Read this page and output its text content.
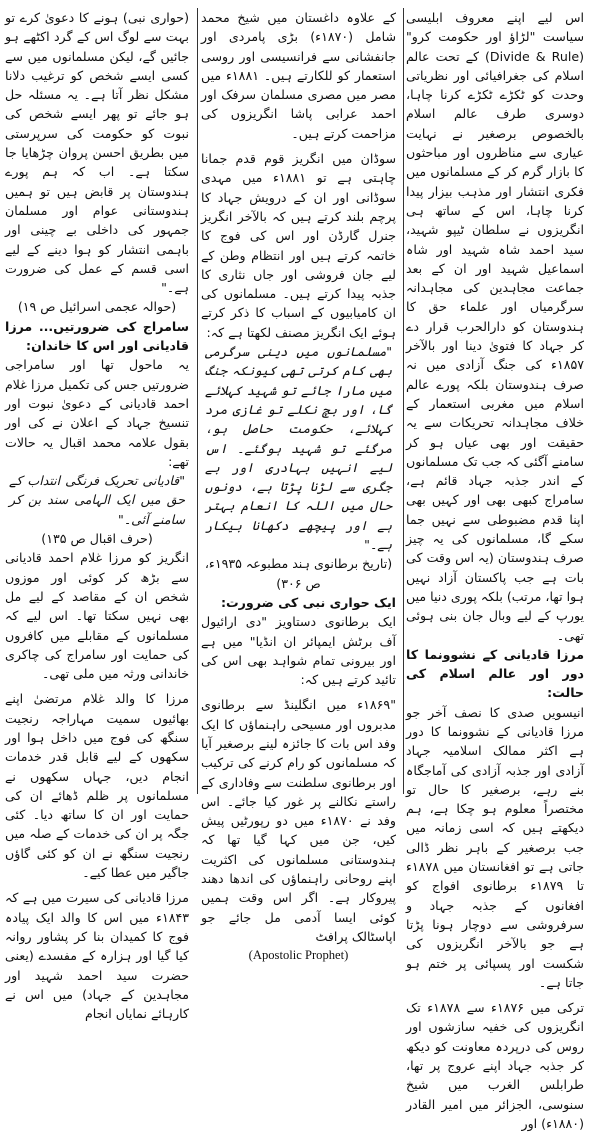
اس لیے اپنے معروف ابلیسی سیاست "لڑاؤ اور حکومت کرو" (Divide & Rule) کے تحت عالم اسلام کی جغرافیائی اور نظریاتی وحدت کو ٹکڑے ٹکڑے کرنا چاہا، دوسری طرف عالم اسلام بالخصوص برصغیر نے نہایت عیاری سے مناظروں اور مباحثوں کا بازار گرم کر کے مسلمانوں میں فکری انتشار اور مذہب بیزار پیدا کرنا چاہا، اس کے ساتھ ہی انگریزوں نے سلطان ٹیپو شہید، سید احمد شاہ شہید اور شاہ اسماعیل شہید اور ان کے بعد جماعت مجاہدین کی مجاہدانہ سرگرمیاں اور علماء حق کا ہندوستان کو دارالحرب قرار دے کر جہاد کا فتویٰ دینا اور بالآخر ۱۸۵۷ء کی جنگ آزادی میں نہ صرف ہندوستان بلکہ پورے عالم اسلام میں مغربی استعمار کے خلاف مجاہدانہ تحریکات سے یہ حقیقت اور بھی عیاں ہو کر سامنے آگئی کہ جب تک مسلمانوں کے اندر جذبہ جہاد قائم ہے، سامراج کبھی بھی اور کہیں بھی اپنا قدم مضبوطی سے نہیں جما سکے گا، مسلمانوں کی یہ چیز صرف ہندوستان (یہ اس وقت کی بات ہے جب پاکستان آزاد نہیں ہوا تھا، مرتب) بلکہ پوری دنیا میں یورپ کے لیے وبال جان بنی ہوئی تھی۔

مرزا قادیانی کے نشوونما کا دور اور عالم اسلام کی حالت:

انیسویں صدی کا نصف آخر جو مرزا قادیانی کے نشوونما کا دور ہے اکثر ممالک اسلامیہ جہاد آزادی اور جذبہ آزادی کی آماجگاہ بنے رہے، برصغیر کا حال تو مختصراً معلوم ہو چکا ہے، ہم دیکھتے ہیں کہ اسی زمانہ میں جب برصغیر کے باہر نظر ڈالی جاتی ہے تو افغانستان میں ۱۸۷۸ء تا ۱۸۷۹ء برطانوی افواج کو افغانوں کے جذبہ جہاد و سرفروشی سے دوچار ہونا پڑتا ہے جو بالآخر انگریزوں کی شکست اور پسپائی پر ختم ہو جاتا ہے۔

ترکی میں ۱۸۷۶ء سے ۱۸۷۸ء تک انگریزوں کی خفیہ سازشوں اور روس کی درپردہ معاونت کو دیکھ کر جذبہ جہاد اپنے عروج پر تھا، طرابلس الغرب میں شیخ سنوسی، الجزائر میں امیر القادر (۱۸۸۰ء) اور

کے علاوہ داغستان میں شیخ محمد شامل (۱۸۷۰ء) بڑی پامردی اور جانفشانی سے فرانسیسی اور روسی استعمار کو للکارتے ہیں۔ ۱۸۸۱ء میں مصر میں مصری مسلمان سرفک اور احمد عرابی پاشا انگریزوں کی مزاحمت کرتے ہیں۔

سوڈان میں انگریز قوم قدم جمانا چاہتی ہے تو ۱۸۸۱ء میں مہدی سوڈانی اور ان کے درویش جہاد کا پرچم بلند کرتے ہیں کہ بالآخر انگریز جنرل گارڈن اور اس کی فوج کا خاتمہ کرتے ہیں اور انتظام وطن کے لیے جان فروشی اور جاں نثاری کا جذبہ پیدا کرتے ہیں۔ مسلمانوں کی ان کامیابیوں کے اسباب کا ذکر کرتے ہوئے ایک انگریز مصنف لکھتا ہے کہ:

"مسلمانوں میں دینی سرگرمی بھی کام کرتی تھی کیونکہ جنگ میں مارا جائے تو شہید کہلائے گا، اور بچ نکلے تو غازی مرد کہلائے، حکومت حاصل ہو، مرگئے تو شہید ہوگئے۔ اس لیے انہیں بہادری اور بے جگری سے لڑنا پڑتا ہے، دونوں حال میں اللہ کا انعام بہتر ہے اور پیچھے دکھانا بیکار ہے۔"

(تاریخ برطانوی ہند مطبوعہ ۱۹۳۵ء، ص ۳۰۶)

ایک حواری نبی کی ضرورت:

ایک برطانوی دستاویز "دی ارائیول آف برٹش ایمپائر ان انڈیا" میں ہے اور بیرونی تمام شواہد بھی اس کی تائید کرتے ہیں کہ:

"۱۸۶۹ء میں انگلینڈ سے برطانوی مدبروں اور مسیحی راہنماؤں کا ایک وفد اس بات کا جائزہ لینے برصغیر آیا کہ مسلمانوں کو رام کرنے کی ترکیب اور برطانوی سلطنت سے وفاداری کے راستے نکالنے پر غور کیا جائے۔ اس وفد نے ۱۸۷۰ء میں دو رپورٹیں پیش کیں، جن میں کہا گیا تھا کہ ہندوستانی مسلمانوں کی اکثریت اپنے روحانی راہنماؤں کی اندھا دھند پیروکار ہے۔ اگر اس وقت ہمیں کوئی ایسا آدمی مل جائے جو اپاسٹالک پرافٹ

(Apostolic Prophet)

(حواری نبی) ہونے کا دعویٰ کرے تو بہت سے لوگ اس کے گرد اکٹھے ہو جائیں گے، لیکن مسلمانوں میں سے کسی ایسے شخص کو ترغیب دلانا مشکل نظر آتا ہے۔ یہ مسئلہ حل ہو جائے تو پھر ایسے شخص کی نبوت کو حکومت کی سرپرستی میں بطریق احسن پروان چڑھایا جا سکتا ہے۔ اب کہ ہم پورے ہندوستان پر قابض ہیں تو ہمیں ہندوستانی عوام اور مسلمان جمہور کی داخلی بے چینی اور باہمی انتشار کو ہوا دینے کے لیے اسی قسم کے عمل کی ضرورت ہے۔"

(حوالہ عجمی اسرائیل ص ۱۹)

سامراج کی ضرورتیں... مرزا قادیانی اور اس کا خاندان:

یہ ماحول تھا اور سامراجی ضرورتیں جس کی تکمیل مرزا غلام احمد قادیانی کے دعویٰ نبوت اور تنسیخ جہاد کے اعلان نے کی اور بقول علامہ محمد اقبال یہ حالات تھے:

"قادیانی تحریک فرنگی انتداب کے حق میں ایک الہامی سند بن کر سامنے آئی۔"

(حرف اقبال ص ۱۳۵)

انگریز کو مرزا غلام احمد قادیانی سے بڑھ کر کوئی اور موزوں شخص ان کے مقاصد کے لیے مل بھی نہیں سکتا تھا۔ اس لیے کہ مسلمانوں کے مقابلے میں کافروں کی حمایت اور سامراج کی چاکری خاندانی ورثہ میں ملی تھی۔

مرزا کا والد غلام مرتضیٰ اپنے بھائیوں سمیت مہاراجہ رنجیت سنگھ کی فوج میں داخل ہوا اور سکھوں کے لیے قابل قدر خدمات انجام دیں، جہاں سکھوں نے مسلمانوں پر ظلم ڈھائے ان کی حمایت اور ان کا ساتھ دیا۔ کئی جگہ پر ان کی خدمات کے صلہ میں رنجیت سنگھ نے ان کو کئی گاؤں جاگیر میں عطا کیے۔

مرزا قادیانی کی سیرت میں ہے کہ ۱۸۴۳ء میں اس کا والد ایک پیادہ فوج کا کمیدان بنا کر پشاور روانہ کیا گیا اور ہزارہ کے مفسدے (یعنی حضرت سید احمد شہید اور مجاہدین کے جہاد) میں اس نے کارہائے نمایاں انجام
